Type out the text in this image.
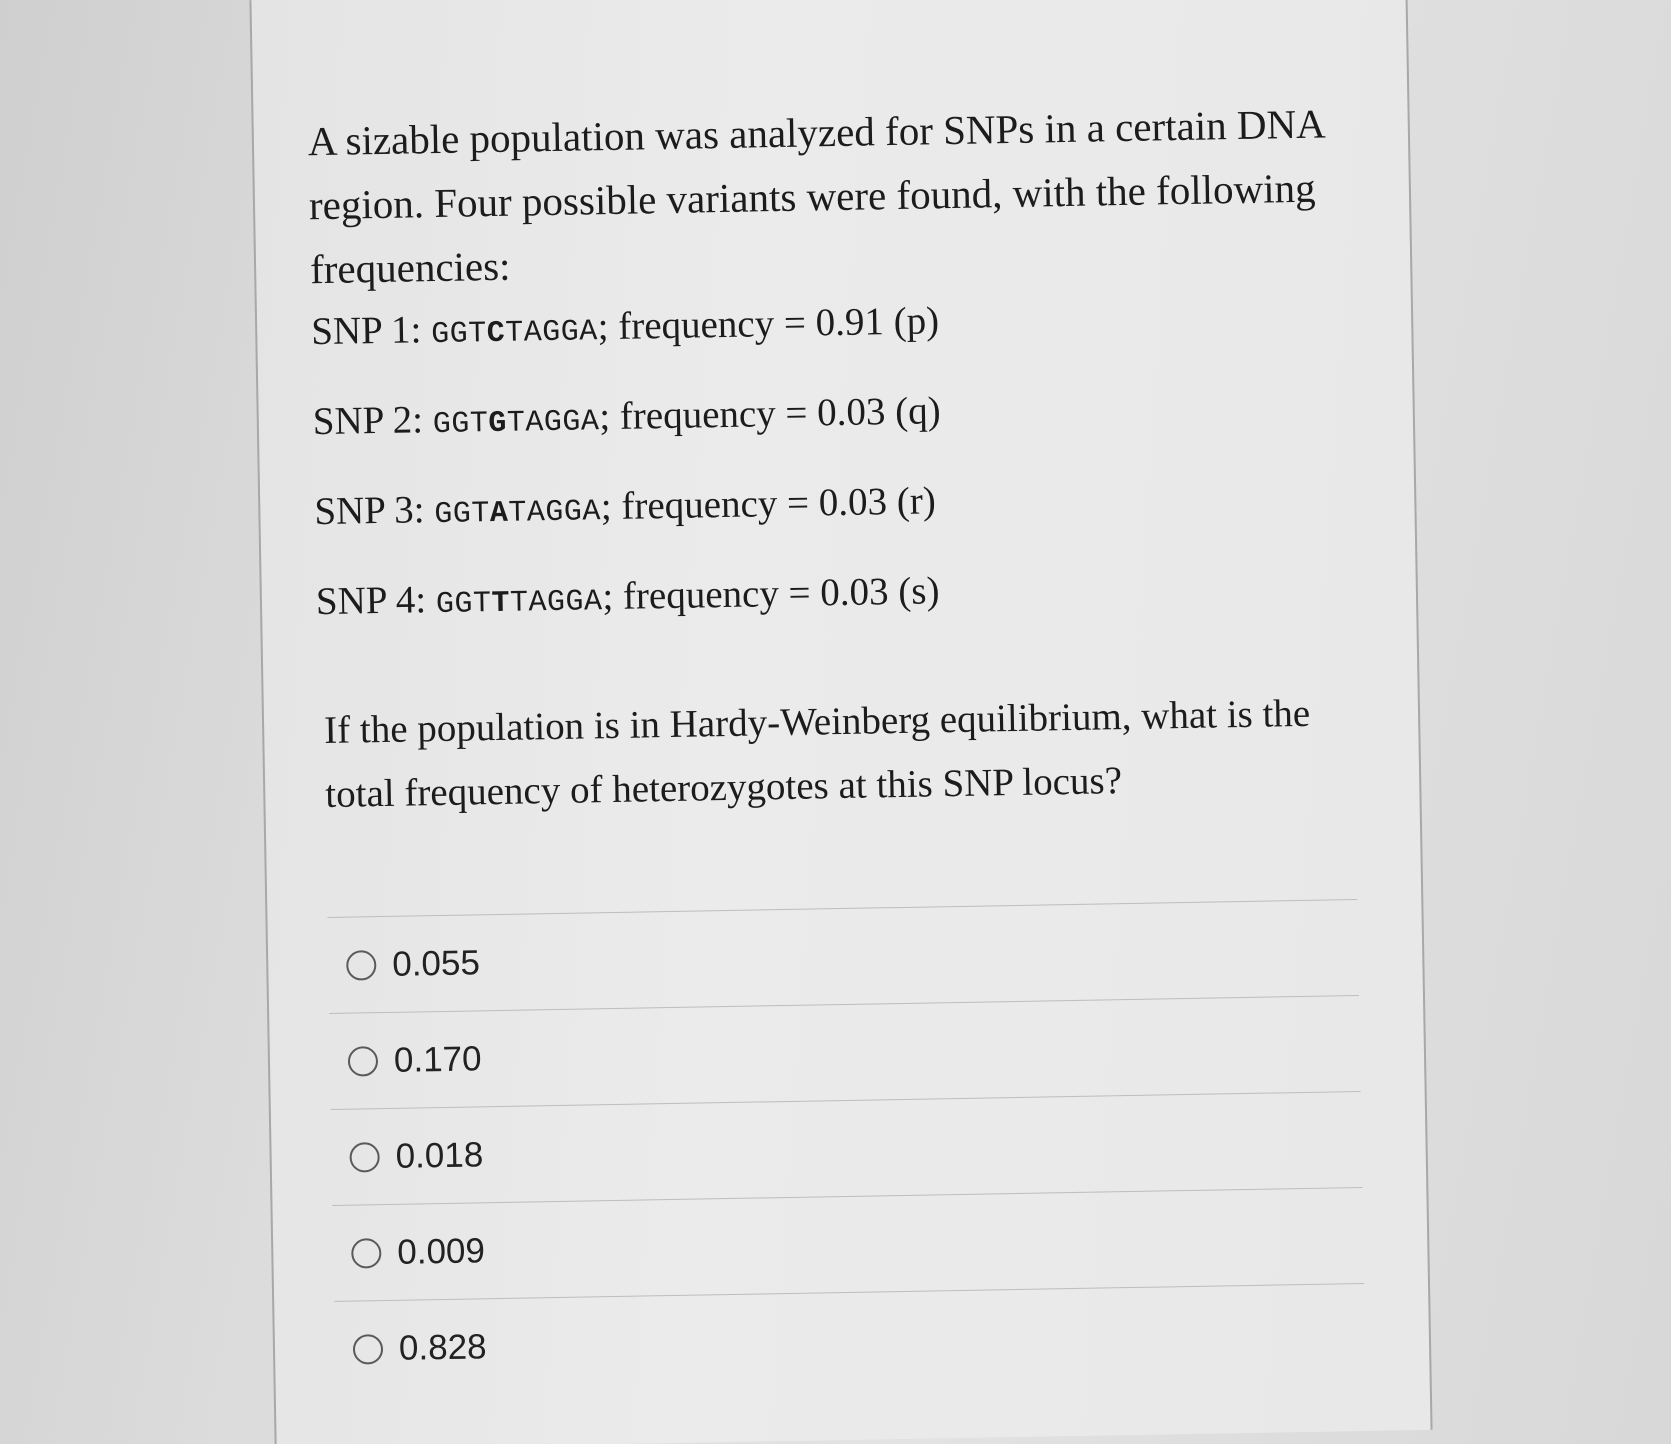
A sizable population was analyzed for SNPs in a certain DNA region. Four possible variants were found, with the following frequencies:

SNP 1: GGTCTAGGA; frequency = 0.91 (p)

SNP 2: GGTGTAGGA; frequency = 0.03 (q)

SNP 3: GGTATAGGA; frequency = 0.03 (r)

SNP 4: GGTTTAGGA; frequency = 0.03 (s)

If the population is in Hardy-Weinberg equilibrium, what is the total frequency of heterozygotes at this SNP locus?

0.055
0.170
0.018
0.009
0.828
